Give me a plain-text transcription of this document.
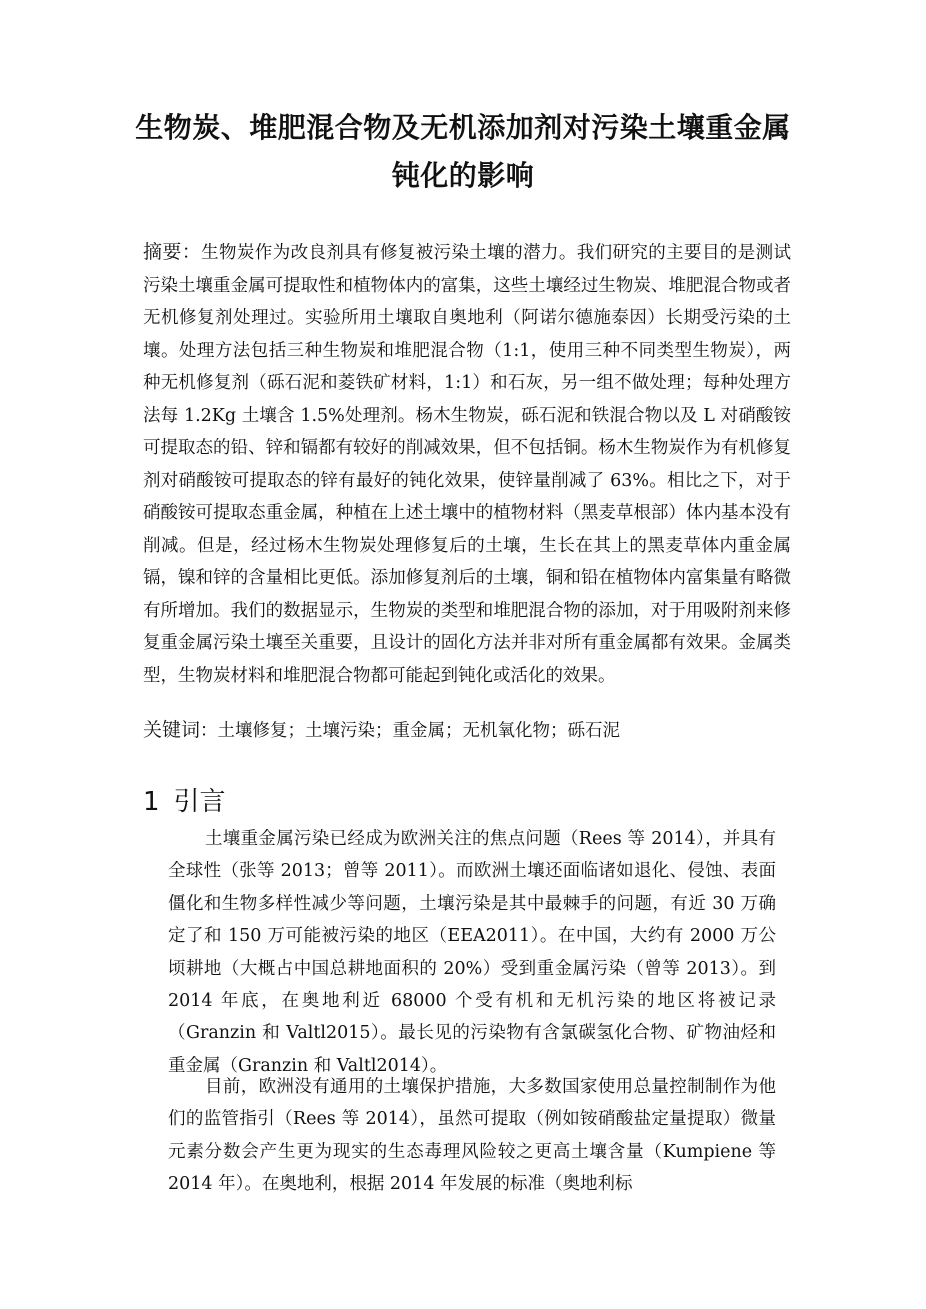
生物炭、堆肥混合物及无机添加剂对污染土壤重金属
钝化的影响

摘要：生物炭作为改良剂具有修复被污染土壤的潜力。我们研究的主要目的是测试污染土壤重金属可提取性和植物体内的富集，这些土壤经过生物炭、堆肥混合物或者无机修复剂处理过。实验所用土壤取自奥地利（阿诺尔德施泰因）长期受污染的土壤。处理方法包括三种生物炭和堆肥混合物（1:1，使用三种不同类型生物炭），两种无机修复剂（砾石泥和菱铁矿材料，1:1）和石灰，另一组不做处理；每种处理方法每 1.2Kg 土壤含 1.5%处理剂。杨木生物炭，砾石泥和铁混合物以及 L 对硝酸铵可提取态的铅、锌和镉都有较好的削减效果，但不包括铜。杨木生物炭作为有机修复剂对硝酸铵可提取态的锌有最好的钝化效果，使锌量削减了 63%。相比之下，对于硝酸铵可提取态重金属，种植在上述土壤中的植物材料（黑麦草根部）体内基本没有削减。但是，经过杨木生物炭处理修复后的土壤，生长在其上的黑麦草体内重金属镉，镍和锌的含量相比更低。添加修复剂后的土壤，铜和铅在植物体内富集量有略微有所增加。我们的数据显示，生物炭的类型和堆肥混合物的添加，对于用吸附剂来修复重金属污染土壤至关重要，且设计的固化方法并非对所有重金属都有效果。金属类型，生物炭材料和堆肥混合物都可能起到钝化或活化的效果。

关键词：土壤修复；土壤污染；重金属；无机氧化物；砾石泥

1 引言

土壤重金属污染已经成为欧洲关注的焦点问题（Rees 等 2014），并具有全球性（张等 2013；曾等 2011）。而欧洲土壤还面临诸如退化、侵蚀、表面僵化和生物多样性减少等问题，土壤污染是其中最棘手的问题，有近 30 万确定了和 150 万可能被污染的地区（EEA2011）。在中国，大约有 2000 万公顷耕地（大概占中国总耕地面积的 20%）受到重金属污染（曾等 2013）。到 2014 年底，在奥地利近 68000 个受有机和无机污染的地区将被记录（Granzin 和 Valtl2015）。最长见的污染物有含氯碳氢化合物、矿物油烃和重金属（Granzin 和 Valtl2014）。

目前，欧洲没有通用的土壤保护措施，大多数国家使用总量控制制作为他们的监管指引（Rees 等 2014），虽然可提取（例如铵硝酸盐定量提取）微量元素分数会产生更为现实的生态毒理风险较之更高土壤含量（Kumpiene 等 2014 年）。在奥地利，根据 2014 年发展的标准（奥地利标
